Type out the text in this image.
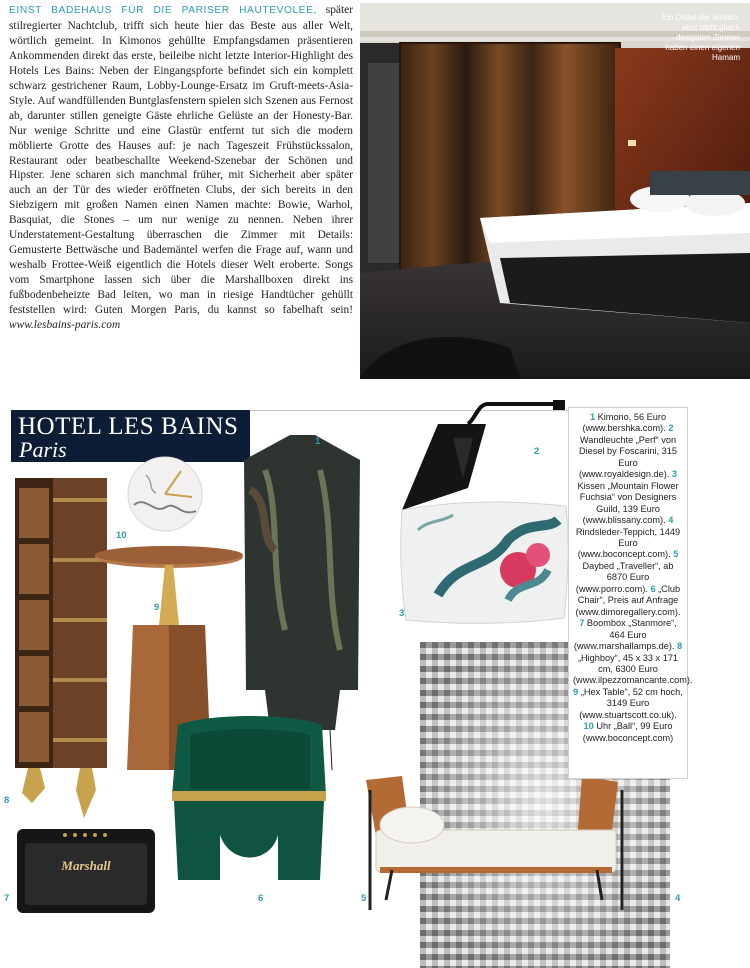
EINST BADEHAUS FÜR DIE PARISER HAUTEVOLEE, später stilregierter Nachtclub, trifft sich heute hier das Beste aus aller Welt, wörtlich gemeint. In Kimonos gehüllte Empfangsdamen präsentieren Ankommenden direkt das erste, beileibe nicht letzte Interior-Highlight des Hotels Les Bains: Neben der Eingangspforte befindet sich ein komplett schwarz gestrichener Raum, Lobby-Lounge-Ersatz im Gruft-meets-Asia-Style. Auf wandfüllenden Buntglasfenstern spielen sich Szenen aus Fernost ab, darunter stillen geneigte Gäste ehrliche Gelüste an der Honesty-Bar. Nur wenige Schritte und eine Glastür entfernt tut sich die modern möblierte Grotte des Hauses auf: je nach Tageszeit Frühstückssalon, Restaurant oder beatbeschallte Weekend-Szenebar der Schönen und Hipster. Jene scharen sich manchmal früher, mit Sicherheit aber später auch an der Tür des wieder eröffneten Clubs, der sich bereits in den Siebzigern mit großen Namen einen Namen machte: Bowie, Warhol, Basquiat, die Stones – um nur wenige zu nennen. Neben ihrer Understatement-Gestaltung überraschen die Zimmer mit Details: Gemusterte Bettwäsche und Bademäntel werfen die Frage auf, wann und weshalb Frottee-Weiß eigentlich die Hotels dieser Welt eroberte. Songs vom Smartphone lassen sich über die Marshallboxen direkt ins fußbodenbeheizte Bad leiten, wo man in riesige Handtücher gehüllt feststellen wird: Guten Morgen Paris, du kannst so fabelhaft sein! www.lesbains-paris.com
Ein Drittel der ähnlich, aber nicht gleich designten Zimmer haben einen eigenen Hamam
HOTEL LES BAINS
Paris
Marshall
1 Kimono, 56 Euro (www.bershka.com). 2 Wandleuchte „Perf“ von Diesel by Foscarini, 315 Euro (www.royaldesign.de). 3 Kissen „Mountain Flower Fuchsia“ von Designers Guild, 139 Euro (www.blissany.com). 4 Rindsleder-Teppich, 1449 Euro (www.boconcept.com). 5 Daybed „Traveller“, ab 6870 Euro (www.porro.com). 6 „Club Chair“, Preis auf Anfrage (www.dimoregallery.com). 7 Boombox „Stanmore“, 464 Euro (www.marshallamps.de). 8 „Highboy“, 45 x 33 x 171 cm, 6300 Euro (www.ilpezzomancante.com). 9 „Hex Table“, 52 cm hoch, 3149 Euro (www.stuartscott.co.uk). 10 Uhr „Ball“, 99 Euro (www.boconcept.com)
1
2
3
4
5
6
7
8
9
10
